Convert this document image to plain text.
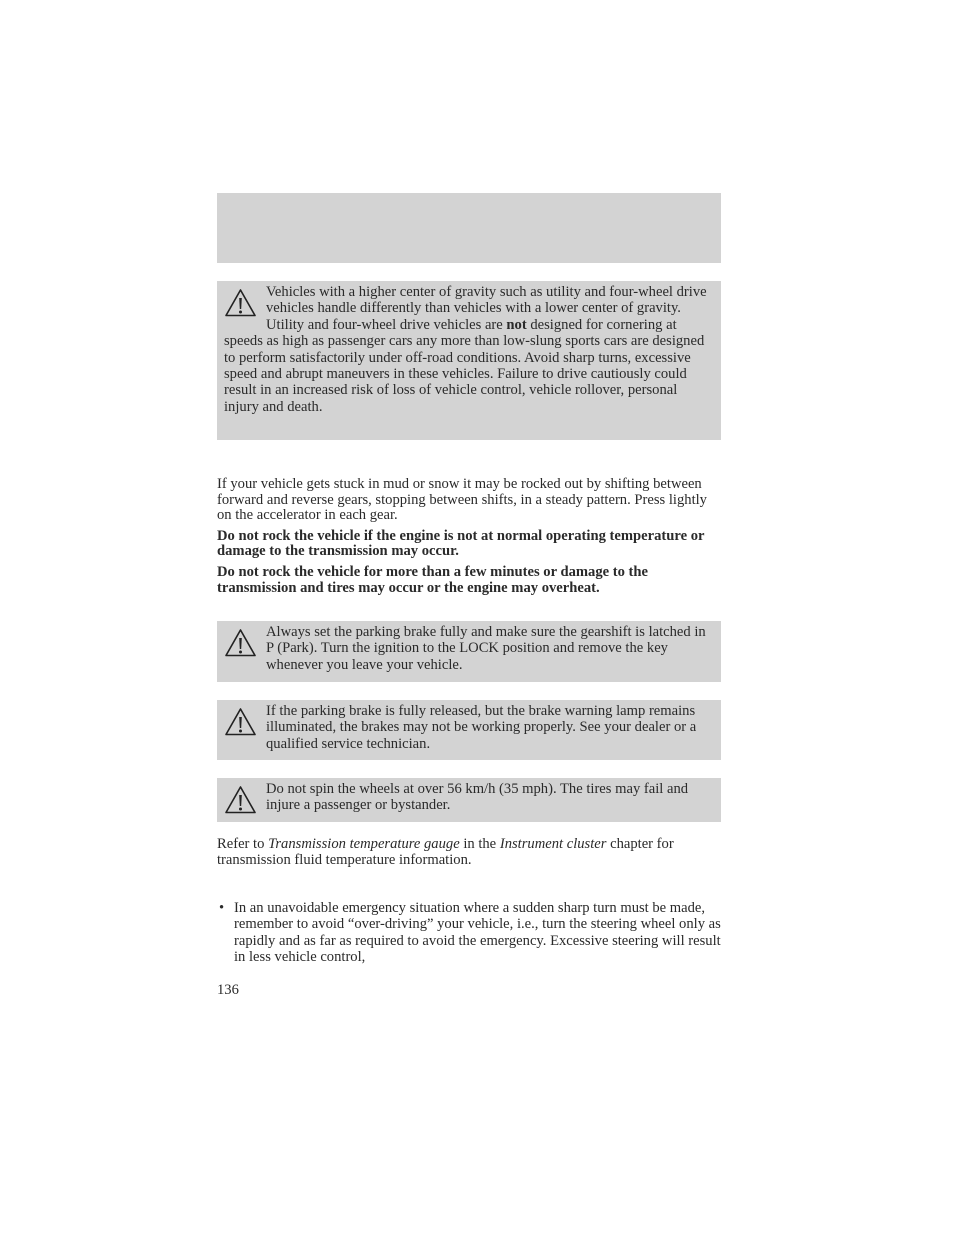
Vehicles with a higher center of gravity such as utility and four-wheel drive vehicles handle differently than vehicles with a lower center of gravity. Utility and four-wheel drive vehicles are not designed for cornering at speeds as high as passenger cars any more than low-slung sports cars are designed to perform satisfactorily under off-road conditions. Avoid sharp turns, excessive speed and abrupt maneuvers in these vehicles. Failure to drive cautiously could result in an increased risk of loss of vehicle control, vehicle rollover, personal injury and death.

If your vehicle gets stuck in mud or snow it may be rocked out by shifting between forward and reverse gears, stopping between shifts, in a steady pattern. Press lightly on the accelerator in each gear.

Do not rock the vehicle if the engine is not at normal operating temperature or damage to the transmission may occur.

Do not rock the vehicle for more than a few minutes or damage to the transmission and tires may occur or the engine may overheat.

Always set the parking brake fully and make sure the gearshift is latched in P (Park). Turn the ignition to the LOCK position and remove the key whenever you leave your vehicle.
If the parking brake is fully released, but the brake warning lamp remains illuminated, the brakes may not be working properly. See your dealer or a qualified service technician.
Do not spin the wheels at over 56 km/h (35 mph). The tires may fail and injure a passenger or bystander.
Refer to Transmission temperature gauge in the Instrument cluster chapter for transmission fluid temperature information.
• In an unavoidable emergency situation where a sudden sharp turn must be made, remember to avoid “over-driving” your vehicle, i.e., turn the steering wheel only as rapidly and as far as required to avoid the emergency. Excessive steering will result in less vehicle control,
136
